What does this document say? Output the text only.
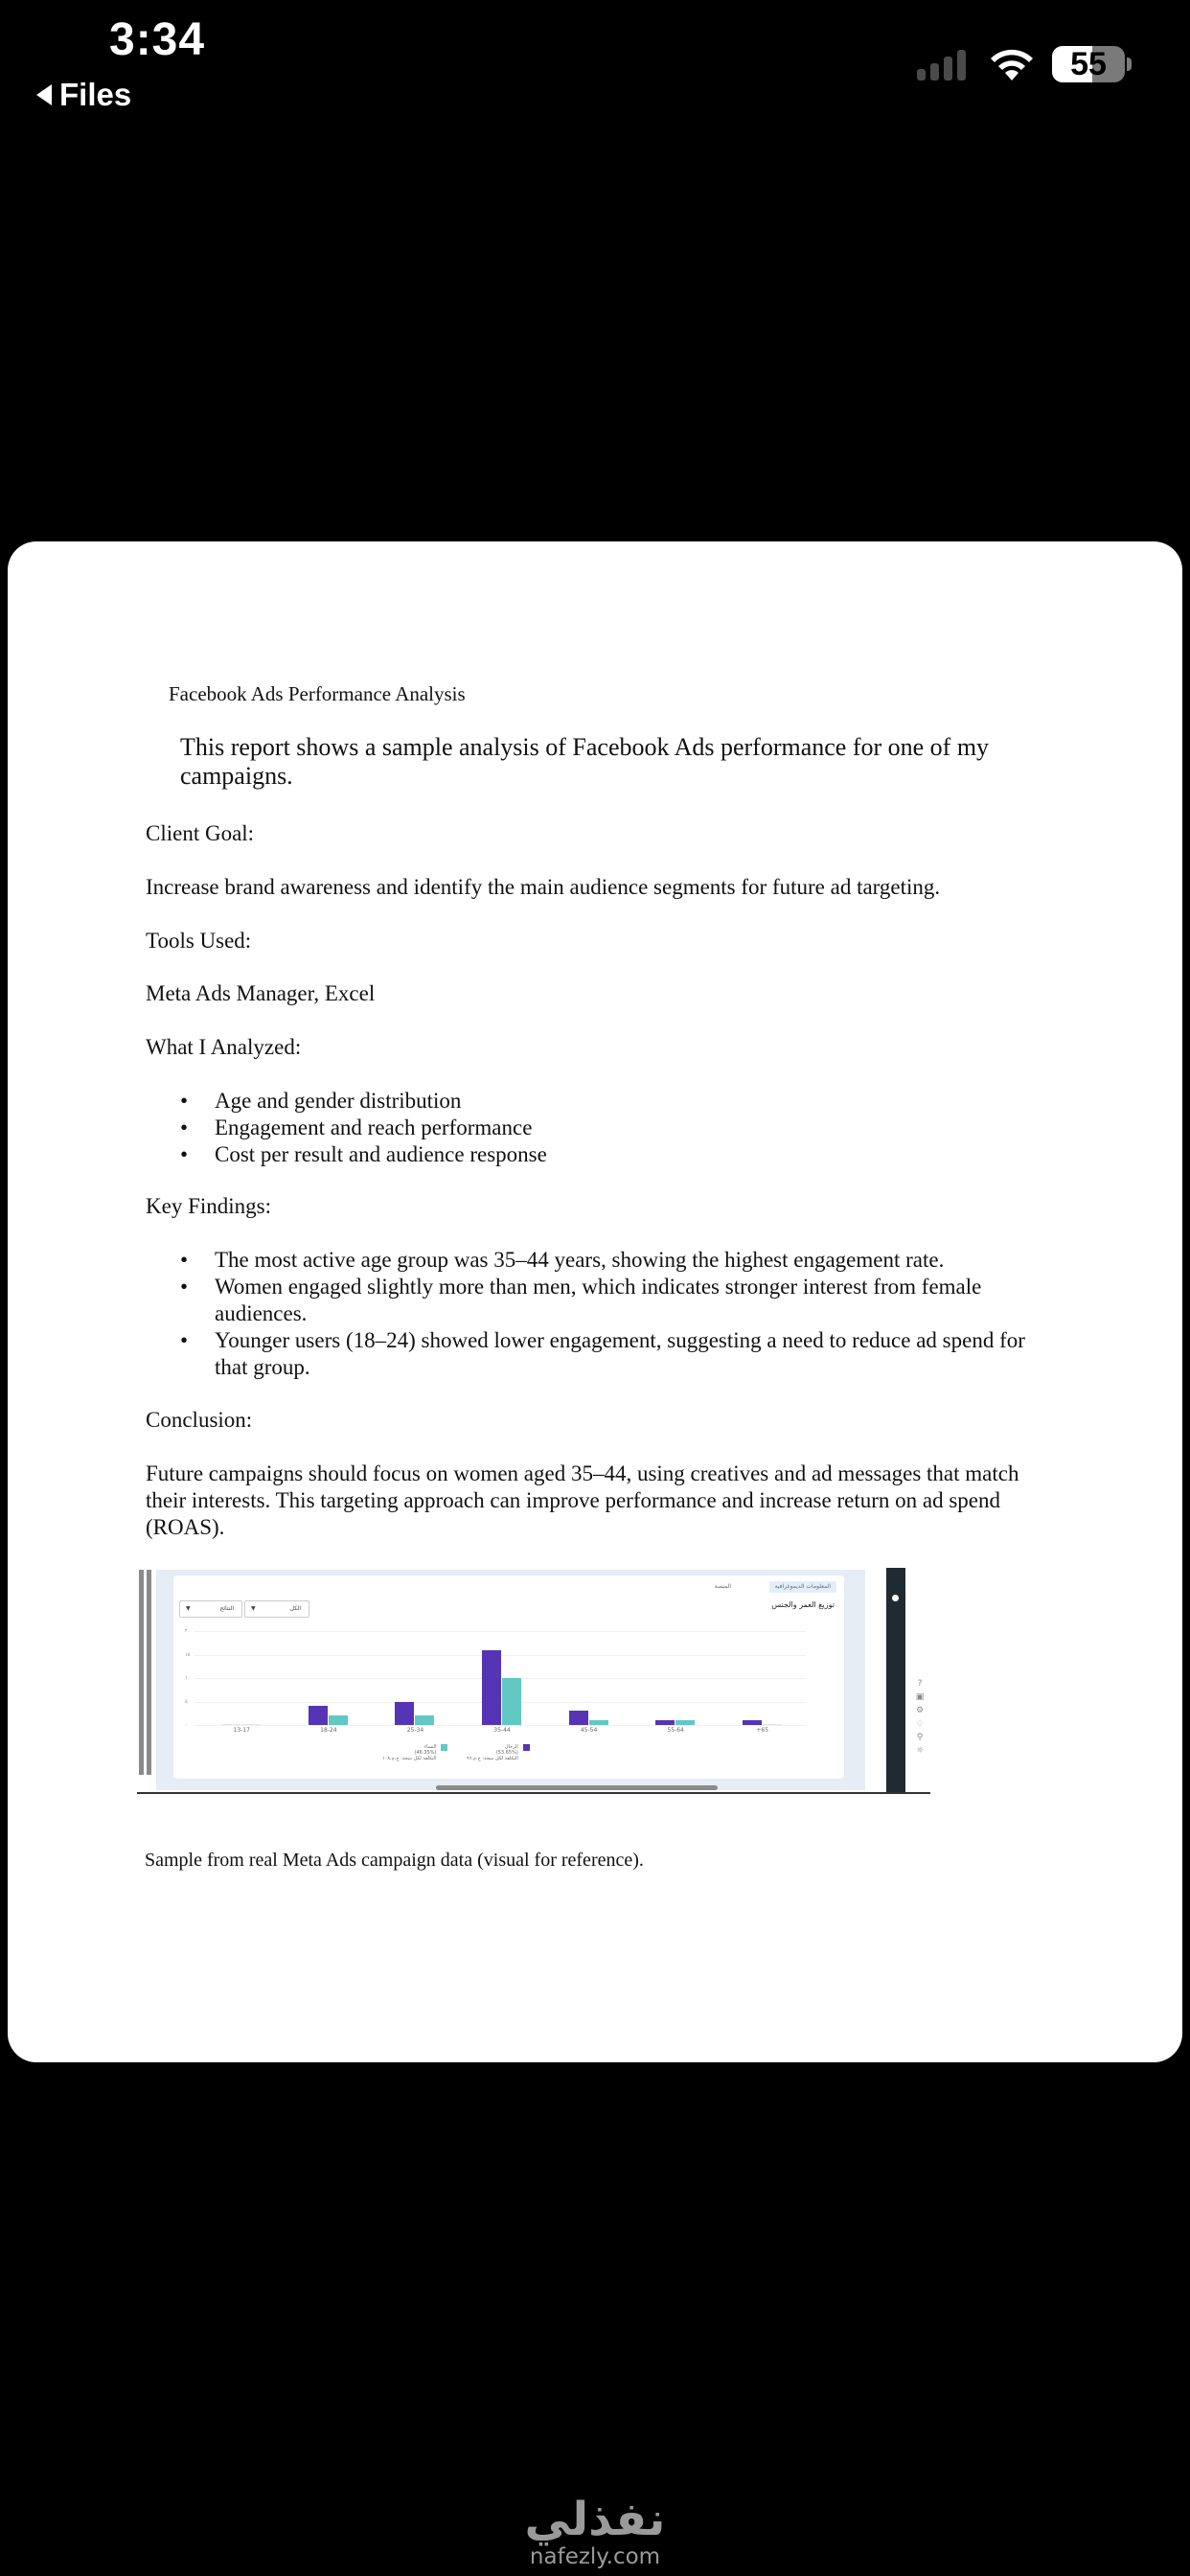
3:34
Files
55
Facebook Ads Performance Analysis
This report shows a sample analysis of Facebook Ads performance for one of my campaigns.
Client Goal:
Increase brand awareness and identify the main audience segments for future ad targeting.
Tools Used:
Meta Ads Manager, Excel
What I Analyzed:
• Age and gender distribution
• Engagement and reach performance
• Cost per result and audience response
Key Findings:
• The most active age group was 35–44 years, showing the highest engagement rate.
• Women engaged slightly more than men, which indicates stronger interest from female audiences.
• Younger users (18–24) showed lower engagement, suggesting a need to reduce ad spend for that group.
Conclusion:
Future campaigns should focus on women aged 35–44, using creatives and ad messages that match their interests. This targeting approach can improve performance and increase return on ad spend (ROAS).
المعلومات الديموغرافية
المنصة
توزيع العمر والجنس
النتائج
▼	الكل
▼
٠
٥
١٠
١٥
٢٠
13-17	18-24	25-34	35-44	45-54	55-64	+65
النساء
(46.35%)
التكلفة لكل نتيجة: ج.م.١٠٨
الرجال
(53.65%)
التكلفة لكل نتيجة: ج.م.٩٦
?
▣
⚙
♢
⚲
☼
Sample from real Meta Ads campaign data (visual for reference).
نفذلي
nafezly.com
